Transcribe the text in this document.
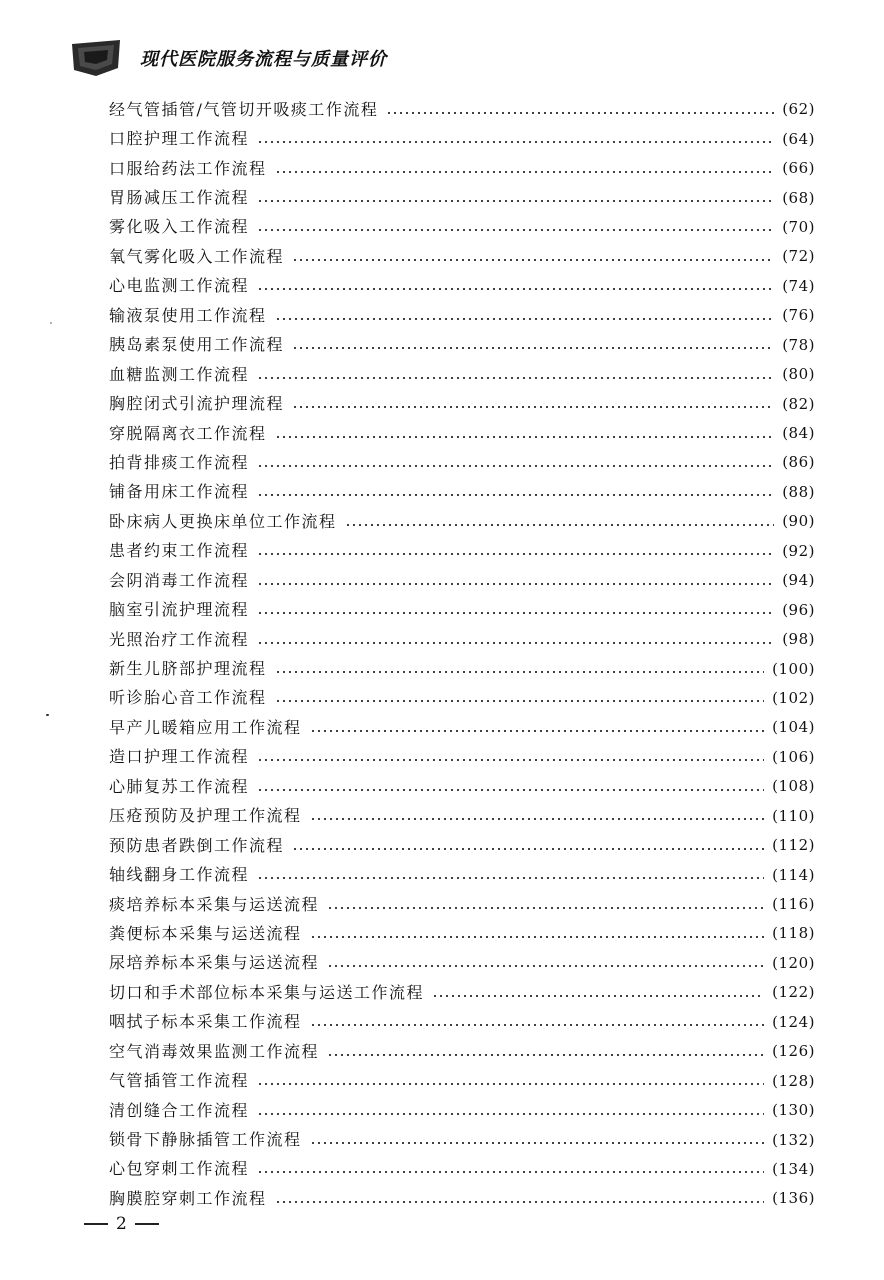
现代医院服务流程与质量评价
经气管插管/气管切开吸痰工作流程	(62)
口腔护理工作流程	(64)
口服给药法工作流程	(66)
胃肠减压工作流程	(68)
雾化吸入工作流程	(70)
氧气雾化吸入工作流程	(72)
心电监测工作流程	(74)
输液泵使用工作流程	(76)
胰岛素泵使用工作流程	(78)
血糖监测工作流程	(80)
胸腔闭式引流护理流程	(82)
穿脱隔离衣工作流程	(84)
拍背排痰工作流程	(86)
铺备用床工作流程	(88)
卧床病人更换床单位工作流程	(90)
患者约束工作流程	(92)
会阴消毒工作流程	(94)
脑室引流护理流程	(96)
光照治疗工作流程	(98)
新生儿脐部护理流程	(100)
听诊胎心音工作流程	(102)
早产儿暖箱应用工作流程	(104)
造口护理工作流程	(106)
心肺复苏工作流程	(108)
压疮预防及护理工作流程	(110)
预防患者跌倒工作流程	(112)
轴线翻身工作流程	(114)
痰培养标本采集与运送流程	(116)
粪便标本采集与运送流程	(118)
尿培养标本采集与运送流程	(120)
切口和手术部位标本采集与运送工作流程	(122)
咽拭子标本采集工作流程	(124)
空气消毒效果监测工作流程	(126)
气管插管工作流程	(128)
清创缝合工作流程	(130)
锁骨下静脉插管工作流程	(132)
心包穿刺工作流程	(134)
胸膜腔穿刺工作流程	(136)
2
